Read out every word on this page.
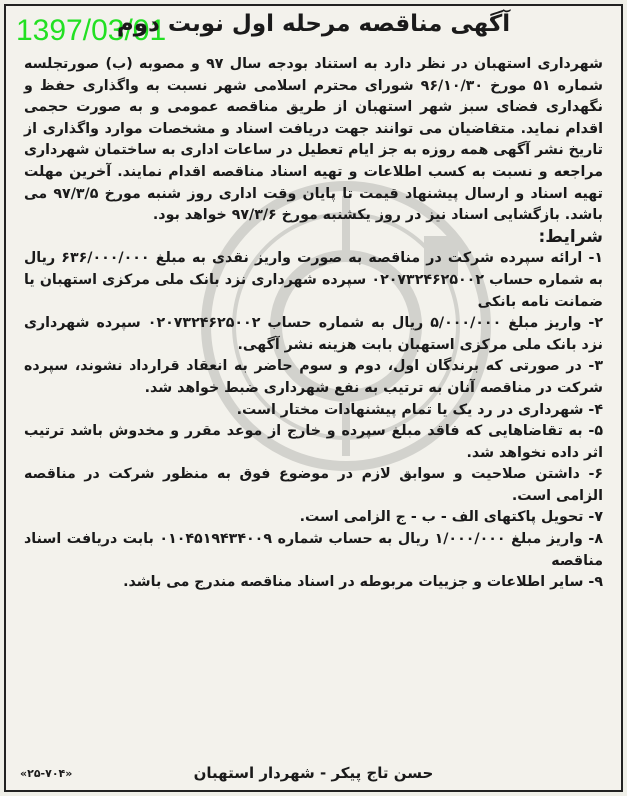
1397/03/01
آگهی مناقصه مرحله اول نوبت دوم

شهرداری استهبان در نظر دارد به استناد بودجه سال ۹۷ و مصوبه (ب) صورتجلسه شماره ۵۱ مورخ ۹۶/۱۰/۳۰ شورای محترم اسلامی شهر نسبت به واگذاری حفظ و نگهداری فضای سبز شهر استهبان از طریق مناقصه عمومی و به صورت حجمی اقدام نماید. متقاضیان می توانند جهت دریافت اسناد و مشخصات موارد واگذاری از تاریخ نشر آگهی همه روزه به جز ایام تعطیل در ساعات اداری به ساختمان شهرداری مراجعه و نسبت به کسب اطلاعات و تهیه اسناد مناقصه اقدام نمایند. آخرین مهلت تهیه اسناد و ارسال پیشنهاد قیمت تا پایان وقت اداری روز شنبه مورخ ۹۷/۳/۵ می باشد. بازگشایی اسناد نیز در روز یکشنبه مورخ ۹۷/۳/۶ خواهد بود.

شرایط:

۱- ارائه سپرده شرکت در مناقصه به صورت واریز نقدی به مبلغ ۶۳۶/۰۰۰/۰۰۰ ریال به شماره حساب ۰۲۰۷۳۲۴۶۲۵۰۰۲ سپرده شهرداری نزد بانک ملی مرکزی استهبان یا ضمانت نامه بانکی

۲- واریز مبلغ ۵/۰۰۰/۰۰۰ ریال به شماره حساب ۰۲۰۷۳۲۴۶۲۵۰۰۲ سپرده شهرداری نزد بانک ملی مرکزی استهبان بابت هزینه نشر آگهی.

۳- در صورتی که برندگان اول، دوم و سوم حاضر به انعقاد قرارداد نشوند، سپرده شرکت در مناقصه آنان به ترتیب به نفع شهرداری ضبط خواهد شد.

۴- شهرداری در رد یک یا تمام پیشنهادات مختار است.

۵- به تقاضاهایی که فاقد مبلغ سپرده و خارج از موعد مقرر و مخدوش باشد ترتیب اثر داده نخواهد شد.

۶- داشتن صلاحیت و سوابق لازم در موضوع فوق به منظور شرکت در مناقصه الزامی است.

۷- تحویل پاکتهای الف - ب - ج الزامی است.

۸- واریز مبلغ ۱/۰۰۰/۰۰۰ ریال به حساب شماره ۰۱۰۴۵۱۹۴۳۴۰۰۹ بابت دریافت اسناد مناقصه

۹- سایر اطلاعات و جزییات مربوطه در اسناد مناقصه مندرج می باشد.

حسن تاج پیکر - شهردار استهبان
«۲۵-۷۰۴»
